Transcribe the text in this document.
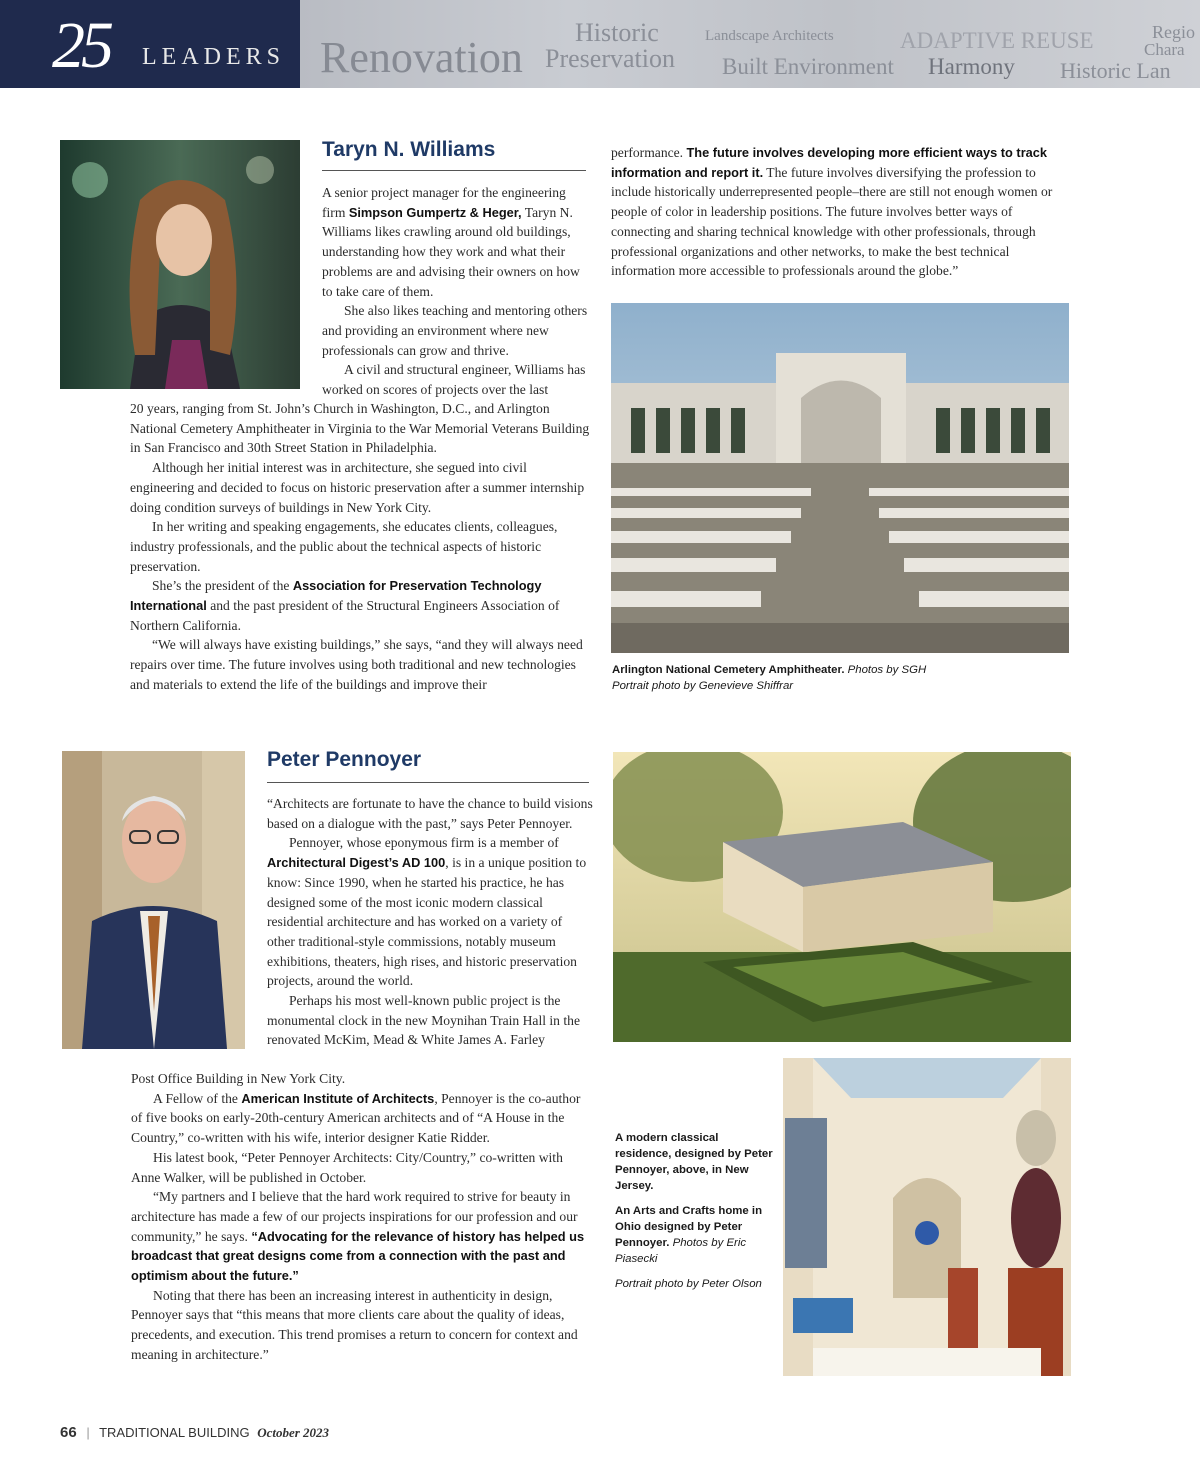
25 LEADERS Renovation
Historic
Preservation
Landscape Architects
Built Environment
ADAPTIVE REUSE
Harmony Historic Lan
Regio
Chara
Taryn N. Williams

A senior project manager for the engineering firm Simpson Gumpertz & Heger, Taryn N. Williams likes crawling around old buildings, understanding how they work and what their problems are and advising their owners on how to take care of them.

She also likes teaching and mentoring others and providing an environment where new professionals can grow and thrive.

A civil and structural engineer, Williams has worked on scores of projects over the last

20 years, ranging from St. John’s Church in Washington, D.C., and Arlington National Cemetery Amphitheater in Virginia to the War Memorial Veterans Building in San Francisco and 30th Street Station in Philadelphia.

Although her initial interest was in architecture, she segued into civil engineering and decided to focus on historic preservation after a summer internship doing condition surveys of buildings in New York City.

In her writing and speaking engagements, she educates clients, colleagues, industry professionals, and the public about the technical aspects of historic preservation.

She’s the president of the Association for Preservation Technology International and the past president of the Structural Engineers Association of Northern California.

“We will always have existing buildings,” she says, “and they will always need repairs over time. The future involves using both traditional and new technologies and materials to extend the life of the buildings and improve their

performance. The future involves developing more efficient ways to track information and report it. The future involves diversifying the profession to include historically underrepresented people–there are still not enough women or people of color in leadership positions. The future involves better ways of connecting and sharing technical knowledge with other professionals, through professional organizations and other networks, to make the best technical information more accessible to professionals around the globe.”

Arlington National Cemetery Amphitheater. Photos by SGH
Portrait photo by Genevieve Shiffrar
Peter Pennoyer

“Architects are fortunate to have the chance to build visions based on a dialogue with the past,” says Peter Pennoyer.

Pennoyer, whose eponymous firm is a member of Architectural Digest’s AD 100, is in a unique position to know: Since 1990, when he started his practice, he has designed some of the most iconic modern classical residential architecture and has worked on a variety of other traditional-style commissions, notably museum exhibitions, theaters, high rises, and historic preservation projects, around the world.

Perhaps his most well-known public project is the monumental clock in the new Moynihan Train Hall in the renovated McKim, Mead & White James A. Farley

Post Office Building in New York City.

A Fellow of the American Institute of Architects, Pennoyer is the co-author of five books on early-20th-century American architects and of “A House in the Country,” co-written with his wife, interior designer Katie Ridder.

His latest book, “Peter Pennoyer Architects: City/Country,” co-written with Anne Walker, will be published in October.

“My partners and I believe that the hard work required to strive for beauty in architecture has made a few of our projects inspirations for our profession and our community,” he says. “Advocating for the relevance of history has helped us broadcast that great designs come from a connection with the past and optimism about the future.”

Noting that there has been an increasing interest in authenticity in design, Pennoyer says that “this means that more clients care about the quality of ideas, precedents, and execution. This trend promises a return to concern for context and meaning in architecture.”

A modern classical residence, designed by Peter Pennoyer, above, in New Jersey.
An Arts and Crafts home in Ohio designed by Peter Pennoyer. Photos by Eric Piasecki
Portrait photo by Peter Olson
66 | TRADITIONAL BUILDING October 2023
